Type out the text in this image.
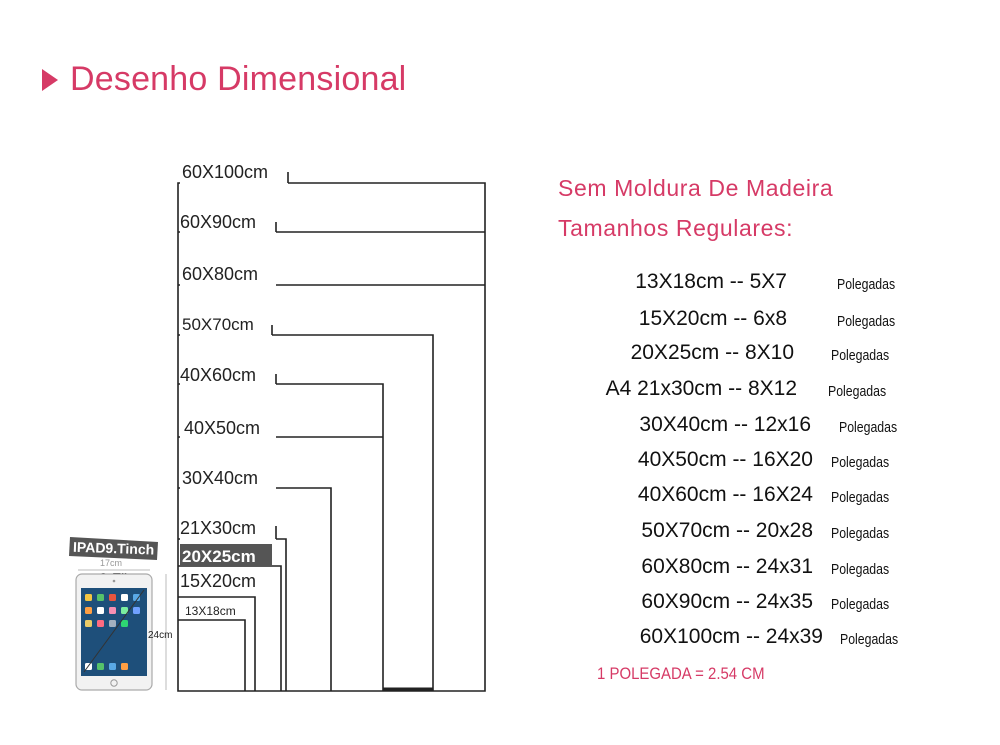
Desenho Dimensional
60X100cm
60X90cm
60X80cm
50X70cm
40X60cm
40X50cm
30X40cm
21X30cm
20X25cm
15X20cm
13X18cm
IPAD9.Tinch
17cm
24cm
Sem Moldura De Madeira
Tamanhos Regulares:
13X18cm -- 5X7	Polegadas
15X20cm -- 6x8	Polegadas
20X25cm -- 8X10 Polegadas
A4 21x30cm -- 8X12 Polegadas
30X40cm -- 12x16 Polegadas
40X50cm -- 16X20 Polegadas
40X60cm -- 16X24 Polegadas
50X70cm -- 20x28 Polegadas
60X80cm -- 24x31 Polegadas
60X90cm -- 24x35 Polegadas
60X100cm -- 24x39 Polegadas
1 POLEGADA = 2.54 CM
